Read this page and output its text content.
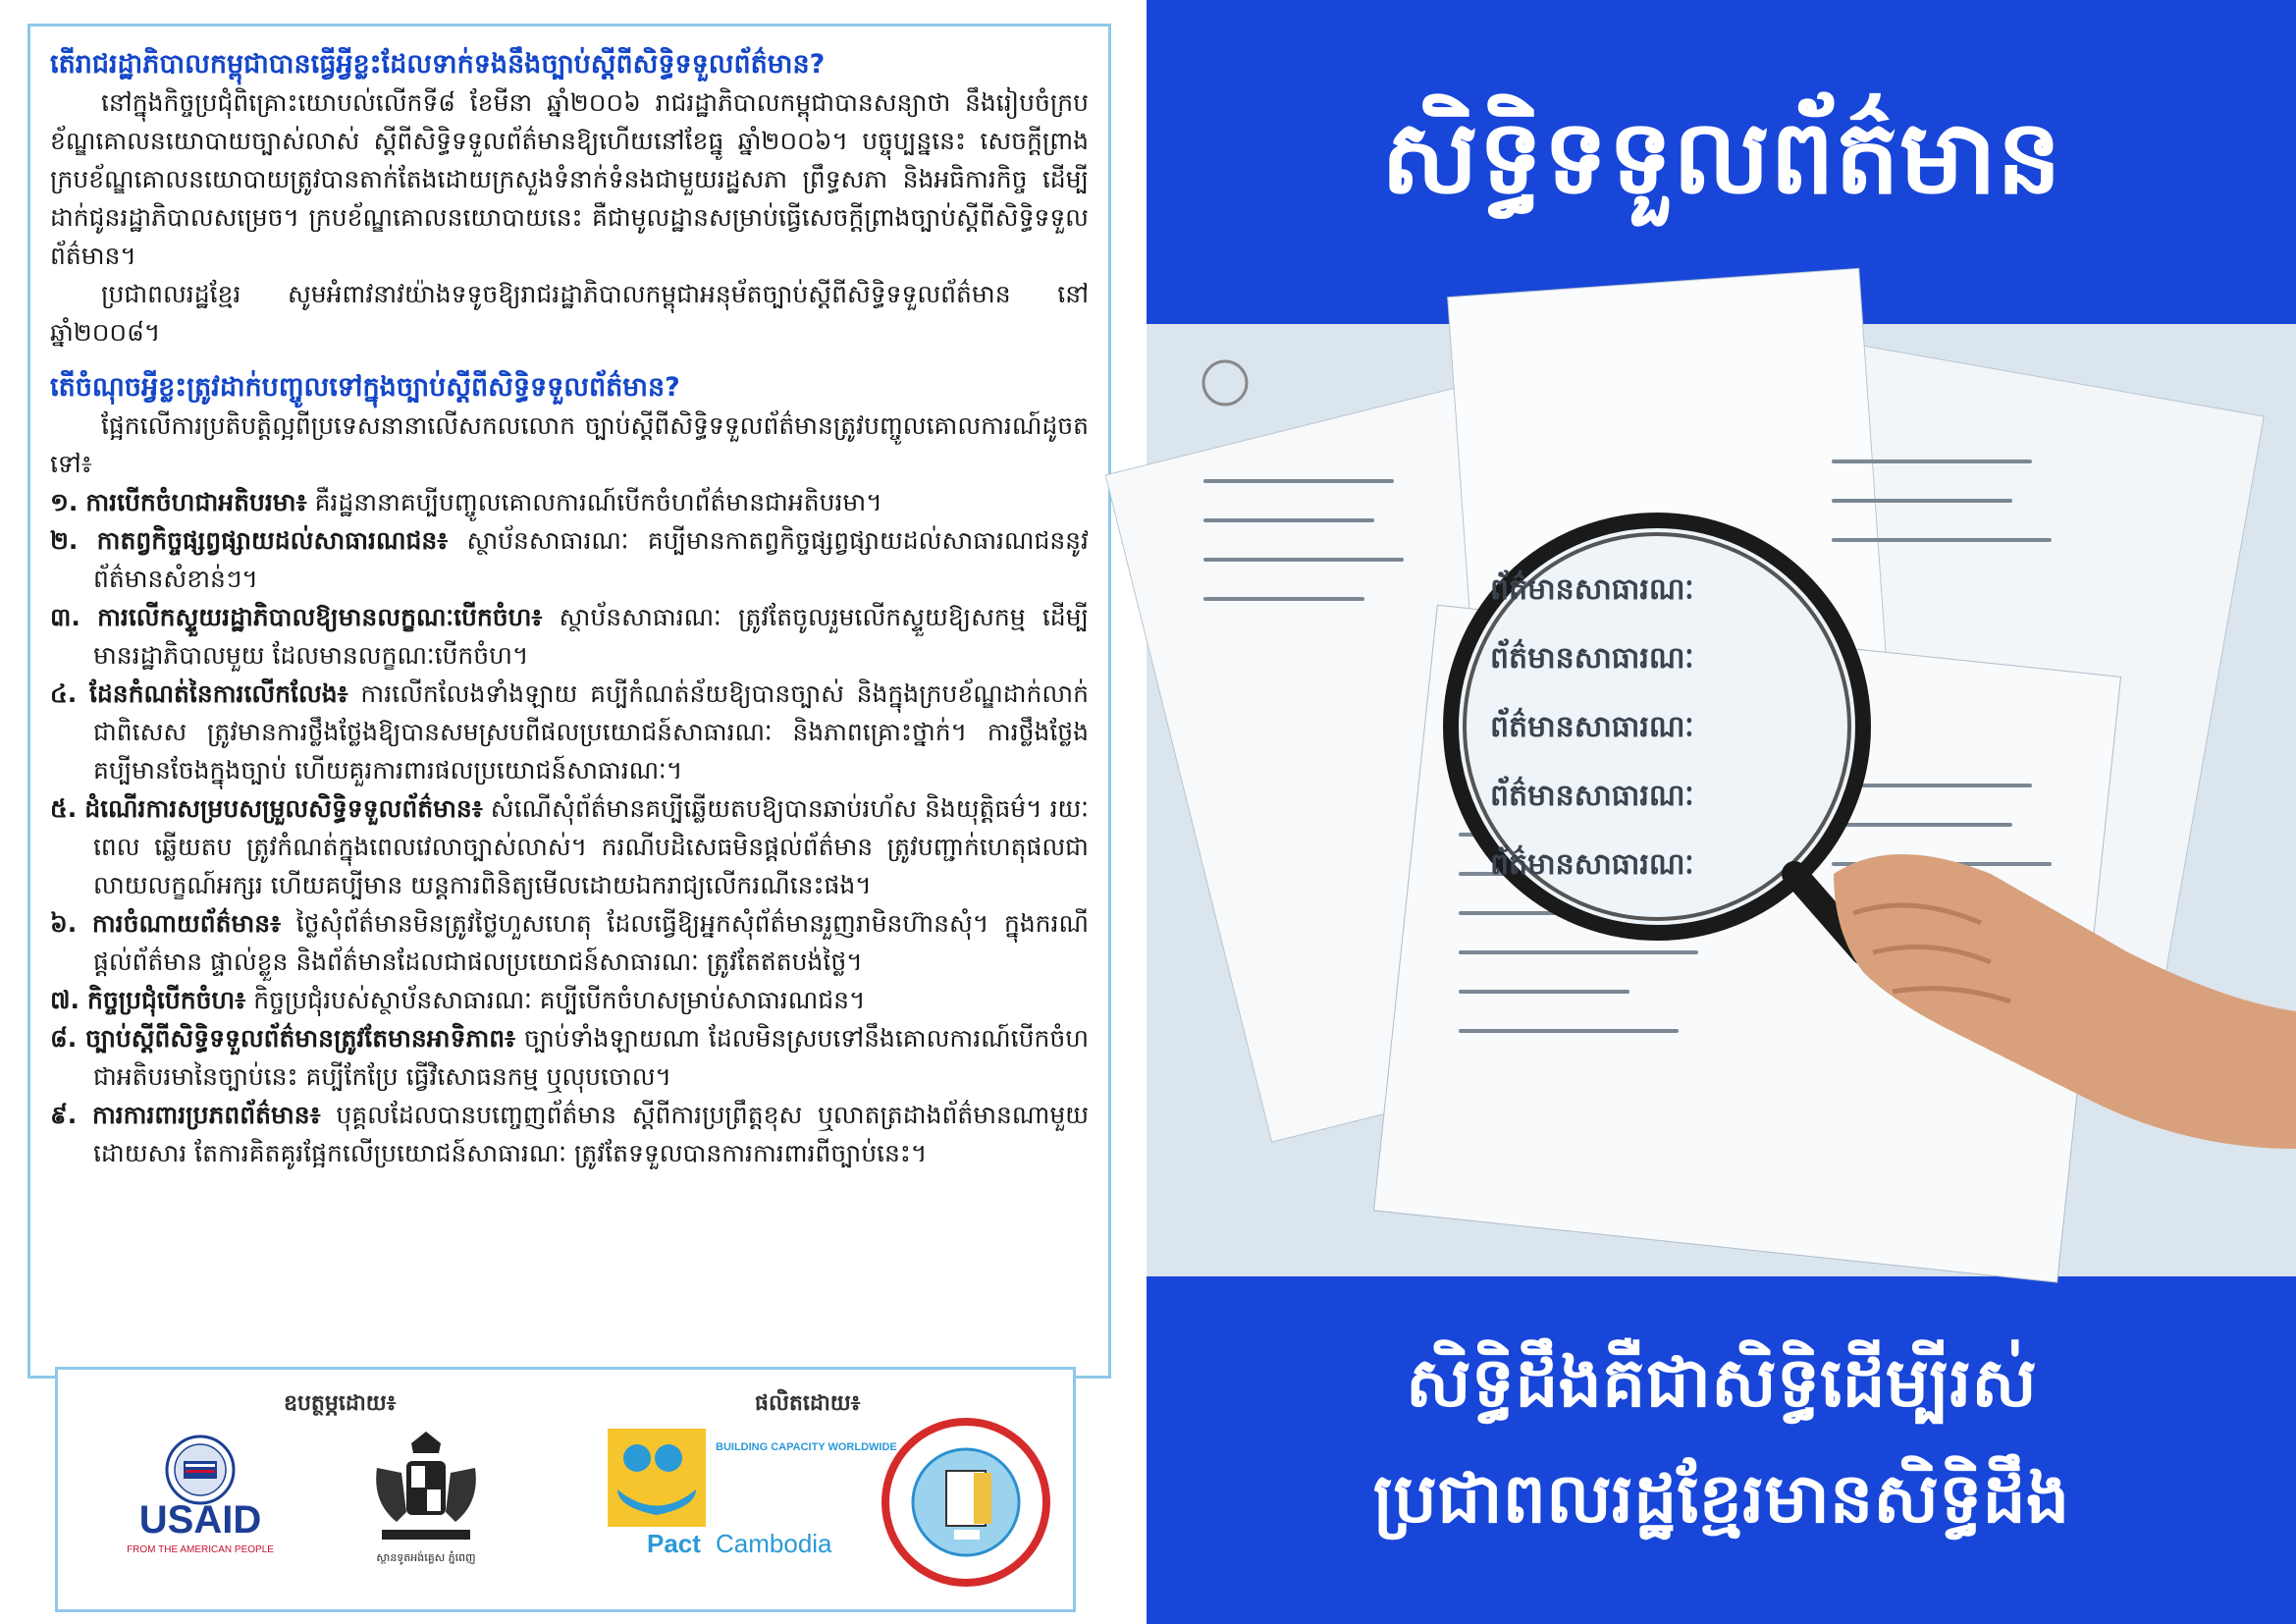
តើរាជរដ្ឋាភិបាលកម្ពុជាបានធ្វើអ្វីខ្លះដែលទាក់ទងនឹងច្បាប់ស្តីពីសិទ្ធិទទួលព័ត៌មាន?

នៅក្នុងកិច្ចប្រជុំពិគ្រោះយោបល់លើកទី៨ ខែមីនា ឆ្នាំ២០០៦ រាជរដ្ឋាភិបាលកម្ពុជាបានសន្យាថា នឹងរៀបចំក្របខ័ណ្ឌគោលនយោបាយច្បាស់លាស់ ស្តីពីសិទ្ធិទទួលព័ត៌មានឱ្យហើយនៅខែធ្នូ ឆ្នាំ២០០៦។ បច្ចុប្បន្ននេះ សេចក្តីព្រាងក្របខ័ណ្ឌគោលនយោបាយត្រូវបានតាក់តែងដោយក្រសួងទំនាក់ទំនងជាមួយរដ្ឋសភា ព្រឹទ្ធសភា និងអធិការកិច្ច ដើម្បីដាក់ជូនរដ្ឋាភិបាលសម្រេច។ ក្របខ័ណ្ឌគោលនយោបាយនេះ គឺជាមូលដ្ឋានសម្រាប់ធ្វើសេចក្តីព្រាងច្បាប់ស្តីពីសិទ្ធិទទួលព័ត៌មាន។

ប្រជាពលរដ្ឋខ្មែរ សូមអំពាវនាវយ៉ាងទទូចឱ្យរាជរដ្ឋាភិបាលកម្ពុជាអនុម័តច្បាប់ស្តីពីសិទ្ធិទទួលព័ត៌មាន នៅឆ្នាំ២០០៨។

តើចំណុចអ្វីខ្លះត្រូវដាក់បញ្ចូលទៅក្នុងច្បាប់ស្តីពីសិទ្ធិទទួលព័ត៌មាន?

ផ្អែកលើការប្រតិបត្តិល្អពីប្រទេសនានាលើសកលលោក ច្បាប់ស្តីពីសិទ្ធិទទួលព័ត៌មានត្រូវបញ្ចូលគោលការណ៍ដូចតទៅ៖

១. ការបើកចំហជាអតិបរមា៖ គឺរដ្ឋនានាគប្បីបញ្ចូលគោលការណ៍បើកចំហព័ត៌មានជាអតិបរមា។

២. កាតព្វកិច្ចផ្សព្វផ្សាយដល់សាធារណជន៖ ស្ថាប័នសាធារណៈ គប្បីមានកាតព្វកិច្ចផ្សព្វផ្សាយដល់សាធារណជននូវព័ត៌មានសំខាន់ៗ។

៣. ការលើកស្ទួយរដ្ឋាភិបាលឱ្យមានលក្ខណៈបើកចំហ៖ ស្ថាប័នសាធារណៈ ត្រូវតែចូលរួមលើកស្ទួយឱ្យសកម្ម ដើម្បីមានរដ្ឋាភិបាលមួយ ដែលមានលក្ខណៈបើកចំហ។

៤. ដែនកំណត់នៃការលើកលែង៖ ការលើកលែងទាំងឡាយ គប្បីកំណត់ន័យឱ្យបានច្បាស់ និងក្នុងក្របខ័ណ្ឌដាក់លាក់ជាពិសេស ត្រូវមានការថ្លឹងថ្លែងឱ្យបានសមស្របពីផលប្រយោជន៍សាធារណៈ និងភាពគ្រោះថ្នាក់។ ការថ្លឹងថ្លែងគប្បីមានចែងក្នុងច្បាប់ ហើយគួរការពារផលប្រយោជន៍សាធារណៈ។

៥. ដំណើរការសម្របសម្រួលសិទ្ធិទទួលព័ត៌មាន៖ សំណើសុំព័ត៌មានគប្បីឆ្លើយតបឱ្យបានឆាប់រហ័ស និងយុត្តិធម៌។ រយៈពេល ឆ្លើយតប ត្រូវកំណត់ក្នុងពេលវេលាច្បាស់លាស់។ ករណីបដិសេធមិនផ្តល់ព័ត៌មាន ត្រូវបញ្ជាក់ហេតុផលជាលាយលក្ខណ៍អក្សរ ហើយគប្បីមាន យន្តការពិនិត្យមើលដោយឯករាជ្យលើករណីនេះផង។

៦. ការចំណាយព័ត៌មាន៖ ថ្លៃសុំព័ត៌មានមិនត្រូវថ្លៃហួសហេតុ ដែលធ្វើឱ្យអ្នកសុំព័ត៌មានរួញរាមិនហ៊ានសុំ។ ក្នុងករណីផ្តល់ព័ត៌មាន ផ្ទាល់ខ្លួន និងព័ត៌មានដែលជាផលប្រយោជន៍សាធារណៈ ត្រូវតែឥតបង់ថ្លៃ។

៧. កិច្ចប្រជុំបើកចំហ៖ កិច្ចប្រជុំរបស់ស្ថាប័នសាធារណៈ គប្បីបើកចំហសម្រាប់សាធារណជន។

៨. ច្បាប់ស្តីពីសិទ្ធិទទួលព័ត៌មានត្រូវតែមានអាទិភាព៖ ច្បាប់ទាំងឡាយណា ដែលមិនស្របទៅនឹងគោលការណ៍បើកចំហជាអតិបរមានៃច្បាប់នេះ គប្បីកែប្រែ ធ្វើវិសោធនកម្ម ឬលុបចោល។

៩. ការការពារប្រភពព័ត៌មាន៖ បុគ្គលដែលបានបញ្ចេញព័ត៌មាន ស្តីពីការប្រព្រឹត្តខុស ឬលាតត្រដាងព័ត៌មានណាមួយដោយសារ តែការគិតគូរផ្អែកលើប្រយោជន៍សាធារណៈ ត្រូវតែទទួលបានការការពារពីច្បាប់នេះ។

ឧបត្ថម្ភដោយ៖	ផលិតដោយ៖
USAID
FROM THE AMERICAN PEOPLE
ស្ថានទូតអង់គ្លេស ភ្នំពេញ
BUILDING CAPACITY WORLDWIDE
Pact Cambodia
សិទ្ធិទទួលព័ត៌មាន
ព័ត៌មានសាធារណៈ
ព័ត៌មានសាធារណៈ
ព័ត៌មានសាធារណៈ
ព័ត៌មានសាធារណៈ
ព័ត៌មានសាធារណៈ
សិទ្ធិដឹងគឺជាសិទ្ធិដើម្បីរស់
ប្រជាពលរដ្ឋខ្មែរមានសិទ្ធិដឹង
